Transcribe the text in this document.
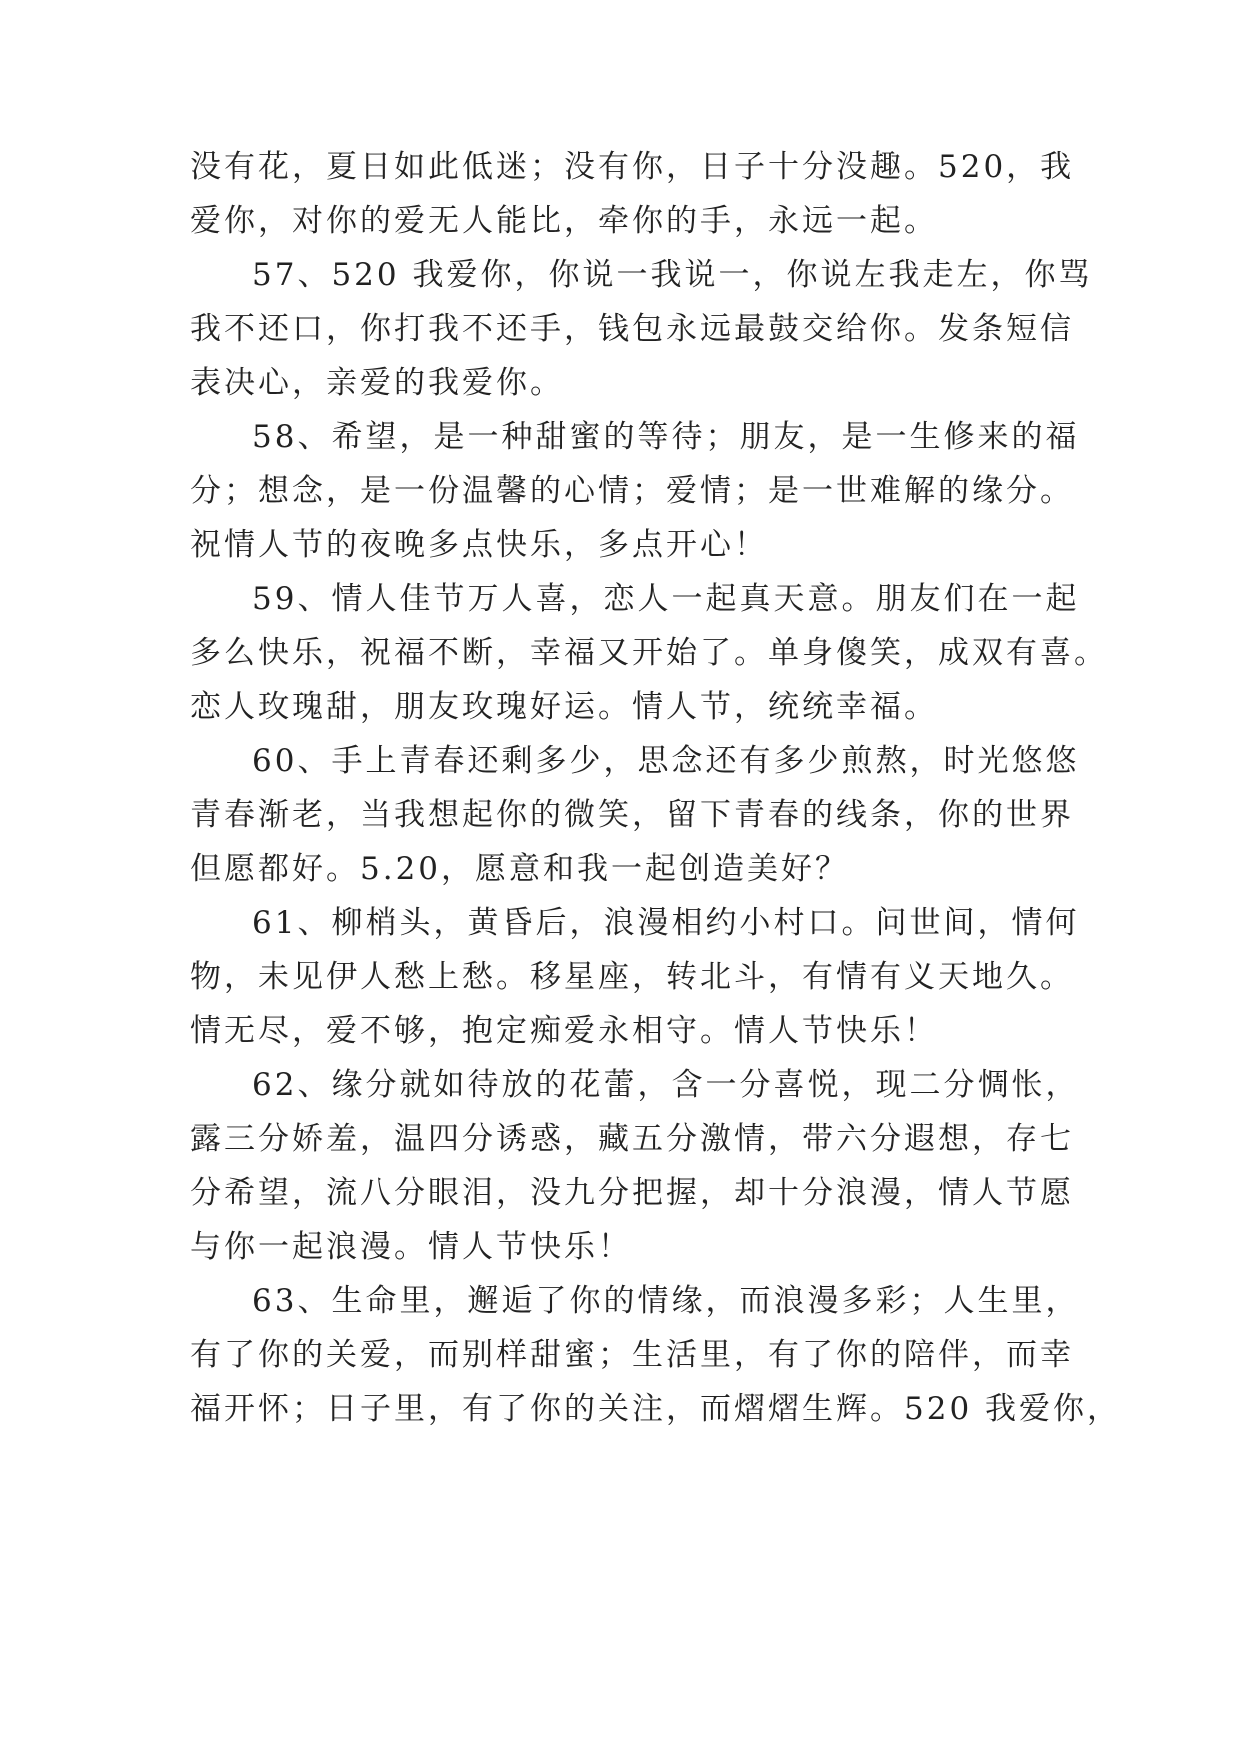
没有花，夏日如此低迷；没有你，日子十分没趣。520，我
爱你，对你的爱无人能比，牵你的手，永远一起。
57、520 我爱你，你说一我说一，你说左我走左，你骂
我不还口，你打我不还手，钱包永远最鼓交给你。发条短信
表决心，亲爱的我爱你。
58、希望，是一种甜蜜的等待；朋友，是一生修来的福
分；想念，是一份温馨的心情；爱情；是一世难解的缘分。
祝情人节的夜晚多点快乐，多点开心！
59、情人佳节万人喜，恋人一起真天意。朋友们在一起
多么快乐，祝福不断，幸福又开始了。单身傻笑，成双有喜。
恋人玫瑰甜，朋友玫瑰好运。情人节，统统幸福。
60、手上青春还剩多少，思念还有多少煎熬，时光悠悠
青春渐老，当我想起你的微笑，留下青春的线条，你的世界
但愿都好。5.20，愿意和我一起创造美好？
61、柳梢头，黄昏后，浪漫相约小村口。问世间，情何
物，未见伊人愁上愁。移星座，转北斗，有情有义天地久。
情无尽，爱不够，抱定痴爱永相守。情人节快乐！
62、缘分就如待放的花蕾，含一分喜悦，现二分惆怅，
露三分娇羞，温四分诱惑，藏五分激情，带六分遐想，存七
分希望，流八分眼泪，没九分把握，却十分浪漫，情人节愿
与你一起浪漫。情人节快乐！
63、生命里，邂逅了你的情缘，而浪漫多彩；人生里，
有了你的关爱，而别样甜蜜；生活里，有了你的陪伴，而幸
福开怀；日子里，有了你的关注，而熠熠生辉。520 我爱你，
